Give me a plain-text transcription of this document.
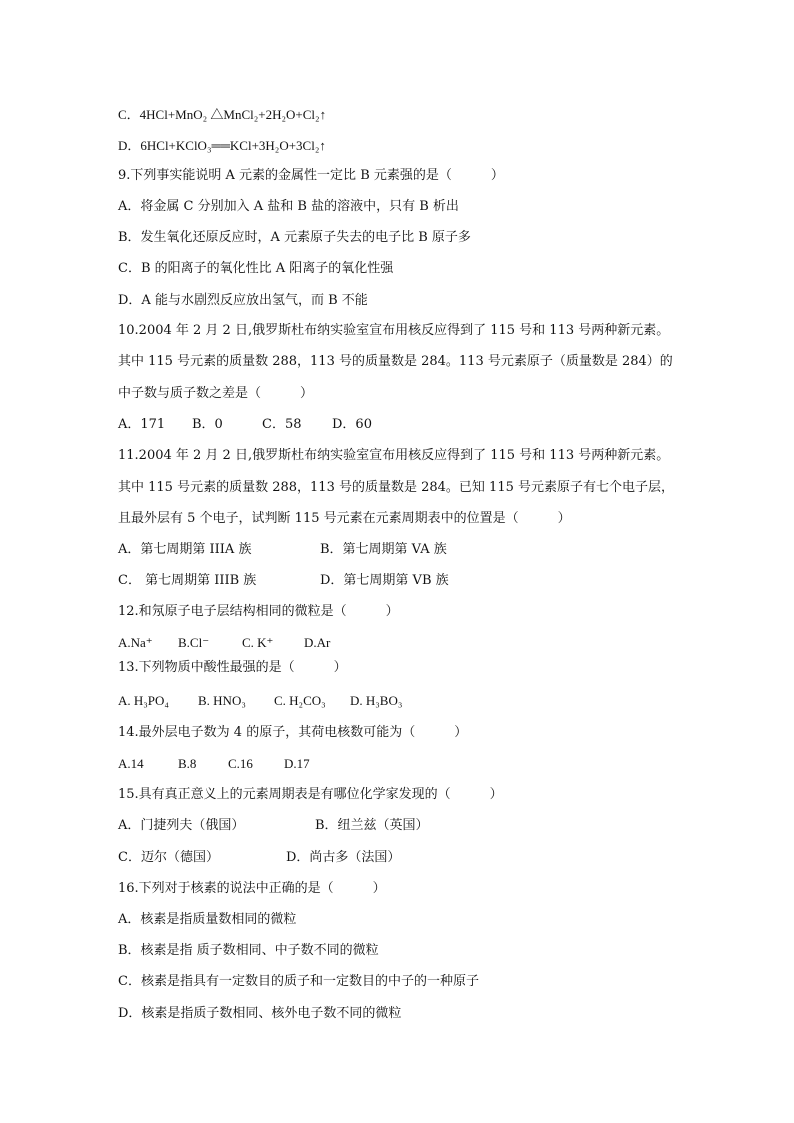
C．4HCl+MnO₂ △MnCl₂+2H₂O+Cl₂↑
D．6HCl+KClO₃══KCl+3H₂O+3Cl₂↑
9.下列事实能说明 A 元素的金属性一定比 B 元素强的是（　　　）
A．将金属 C 分别加入 A 盐和 B 盐的溶液中，只有 B 析出
B．发生氧化还原反应时，A 元素原子失去的电子比 B 原子多
C．B 的阳离子的氧化性比 A 阳离子的氧化性强
D．A 能与水剧烈反应放出氢气，而 B 不能
10.2004 年 2 月 2 日,俄罗斯杜布纳实验室宣布用核反应得到了 115 号和 113 号两种新元素。
其中 115 号元素的质量数 288，113 号的质量数是 284。113 号元素原子（质量数是 284）的
中子数与质子数之差是（　　　）
A．171 B．0	C．58 D．60
11.2004 年 2 月 2 日,俄罗斯杜布纳实验室宣布用核反应得到了 115 号和 113 号两种新元素。
其中 115 号元素的质量数 288，113 号的质量数是 284。已知 115 号元素原子有七个电子层，
且最外层有 5 个电子，试判断 115 号元素在元素周期表中的位置是（　　　）
A．第七周期第 IIIA 族	B．第七周期第 VA 族
C． 第七周期第 IIIB 族	D．第七周期第 VB 族
12.和氖原子电子层结构相同的微粒是（　　　）
A.Na⁺ B.Cl⁻	C. K⁺ D.Ar
13.下列物质中酸性最强的是（　　　）
A. H₃PO₄ B. HNO₃ C. H₂CO₃ D. H₃BO₃
14.最外层电子数为 4 的原子，其荷电核数可能为（　　　）
A.14	B.8 C.16 D.17
15.具有真正意义上的元素周期表是有哪位化学家发现的（　　　）
A．门捷列夫（俄国）	B．纽兰兹（英国）
C．迈尔（德国）	D．尚古多（法国）
16.下列对于核素的说法中正确的是（　　　）
A．核素是指质量数相同的微粒
B．核素是指 质子数相同、中子数不同的微粒
C．核素是指具有一定数目的质子和一定数目的中子的一种原子
D．核素是指质子数相同、核外电子数不同的微粒
